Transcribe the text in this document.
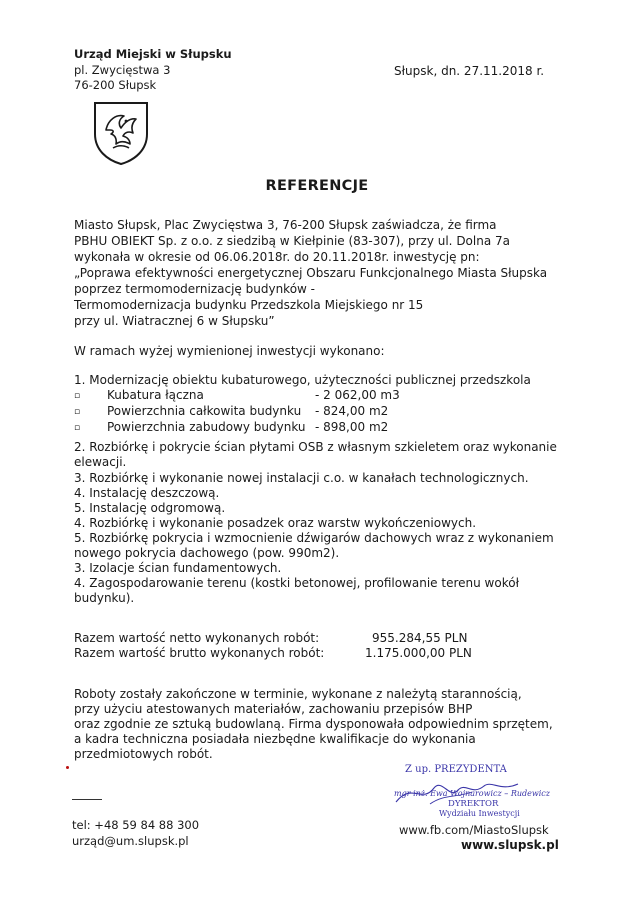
Urząd Miejski w Słupsku
pl. Zwycięstwa 3
76-200 Słupsk
Słupsk, dn. 27.11.2018 r.
REFERENCJE
Miasto Słupsk, Plac Zwycięstwa 3, 76-200 Słupsk zaświadcza, że firma
PBHU OBIEKT Sp. z o.o. z siedzibą w Kiełpinie (83-307), przy ul. Dolna 7a
wykonała w okresie od 06.06.2018r. do 20.11.2018r. inwestycję pn:
„Poprawa efektywności energetycznej Obszaru Funkcjonalnego Miasta Słupska
poprzez termomodernizację budynków -
Termomodernizacja budynku Przedszkola Miejskiego nr 15
przy ul. Wiatracznej 6 w Słupsku”
W ramach wyżej wymienionej inwestycji wykonano:
1. Modernizację obiektu kubaturowego, użyteczności publicznej przedszkola
▫ Kubatura łączna	- 2 062,00 m3
▫ Powierzchnia całkowita budynku - 824,00 m2
▫ Powierzchnia zabudowy budynku - 898,00 m2
2. Rozbiórkę i pokrycie ścian płytami OSB z własnym szkieletem oraz wykonanie
elewacji.
3. Rozbiórkę i wykonanie nowej instalacji c.o. w kanałach technologicznych.
4. Instalację deszczową.
5. Instalację odgromową.
4. Rozbiórkę i wykonanie posadzek oraz warstw wykończeniowych.
5. Rozbiórkę pokrycia i wzmocnienie dźwigarów dachowych wraz z wykonaniem
nowego pokrycia dachowego (pow. 990m2).
3. Izolacje ścian fundamentowych.
4. Zagospodarowanie terenu (kostki betonowej, profilowanie terenu wokół
budynku).
Razem wartość netto wykonanych robót:	955.284,55 PLN
Razem wartość brutto wykonanych robót:	1.175.000,00 PLN
Roboty zostały zakończone w terminie, wykonane z należytą starannością,
przy użyciu atestowanych materiałów, zachowaniu przepisów BHP
oraz zgodnie ze sztuką budowlaną. Firma dysponowała odpowiednim sprzętem,
a kadra techniczna posiadała niezbędne kwalifikacje do wykonania
przedmiotowych robót.
Z up. PREZYDENTA
mgr inż. Ewa Wojnarowicz – Rudewicz
DYREKTOR
Wydziału Inwestycji
tel: +48 59 84 88 300
urząd@um.slupsk.pl
www.fb.com/MiastoSlupsk
www.slupsk.pl
